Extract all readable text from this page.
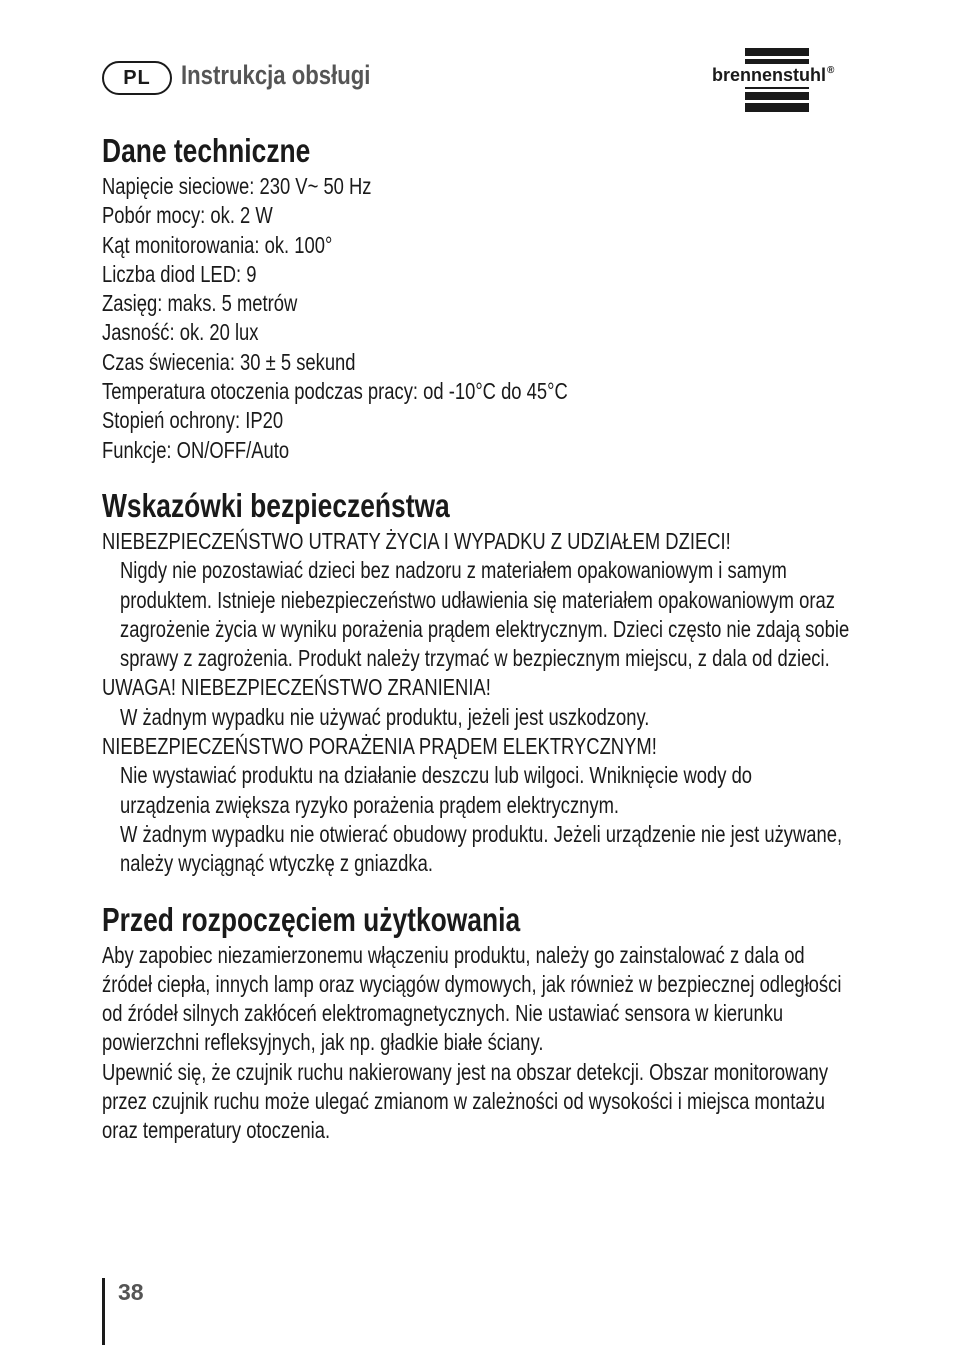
PL Instrukcja obsługi	brennenstuhl®
Dane techniczne
Napięcie sieciowe: 230 V~ 50 Hz
Pobór mocy: ok. 2 W
Kąt monitorowania: ok. 100°
Liczba diod LED: 9
Zasięg: maks. 5 metrów
Jasność: ok. 20 lux
Czas świecenia: 30 ± 5 sekund
Temperatura otoczenia podczas pracy: od -10°C do 45°C
Stopień ochrony: IP20
Funkcje: ON/OFF/Auto
Wskazówki bezpieczeństwa
NIEBEZPIECZEŃSTWO UTRATY ŻYCIA I WYPADKU Z UDZIAŁEM DZIECI!
Nigdy nie pozostawiać dzieci bez nadzoru z materiałem opakowaniowym i samym
produktem. Istnieje niebezpieczeństwo udławienia się materiałem opakowaniowym oraz
zagrożenie życia w wyniku porażenia prądem elektrycznym. Dzieci często nie zdają sobie
sprawy z zagrożenia. Produkt należy trzymać w bezpiecznym miejscu, z dala od dzieci.
UWAGA! NIEBEZPIECZEŃSTWO ZRANIENIA!
W żadnym wypadku nie używać produktu, jeżeli jest uszkodzony.
NIEBEZPIECZEŃSTWO PORAŻENIA PRĄDEM ELEKTRYCZNYM!
Nie wystawiać produktu na działanie deszczu lub wilgoci. Wniknięcie wody do
urządzenia zwiększa ryzyko porażenia prądem elektrycznym.
W żadnym wypadku nie otwierać obudowy produktu. Jeżeli urządzenie nie jest używane,
należy wyciągnąć wtyczkę z gniazdka.
Przed rozpoczęciem użytkowania
Aby zapobiec niezamierzonemu włączeniu produktu, należy go zainstalować z dala od
źródeł ciepła, innych lamp oraz wyciągów dymowych, jak również w bezpiecznej odległości
od źródeł silnych zakłóceń elektromagnetycznych. Nie ustawiać sensora w kierunku
powierzchni refleksyjnych, jak np. gładkie białe ściany.
Upewnić się, że czujnik ruchu nakierowany jest na obszar detekcji. Obszar monitorowany
przez czujnik ruchu może ulegać zmianom w zależności od wysokości i miejsca montażu
oraz temperatury otoczenia.
38
